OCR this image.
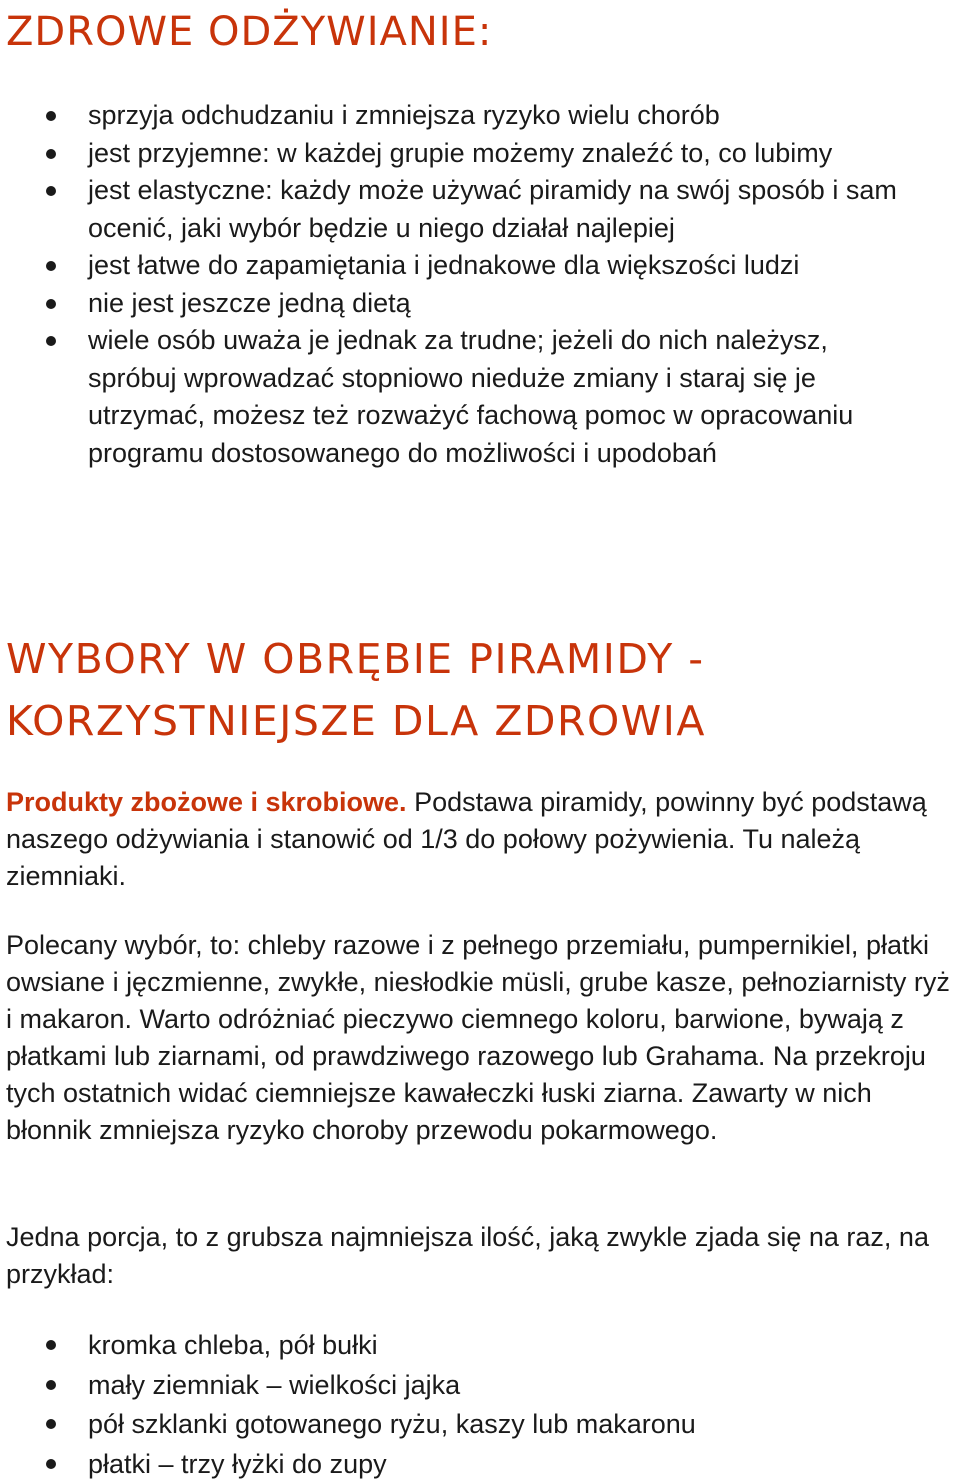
ZDROWE ODŻYWIANIE:
sprzyja odchudzaniu i zmniejsza ryzyko wielu chorób
jest przyjemne: w każdej grupie możemy znaleźć to, co lubimy
jest elastyczne: każdy może używać piramidy na swój sposób i sam ocenić, jaki wybór będzie u niego działał najlepiej
jest łatwe do zapamiętania i jednakowe dla większości ludzi
nie jest jeszcze jedną dietą
wiele osób uważa je jednak za trudne; jeżeli do nich należysz, spróbuj wprowadzać stopniowo nieduże zmiany i staraj się je utrzymać, możesz też rozważyć fachową pomoc w opracowaniu programu dostosowanego do możliwości i upodobań
WYBORY W OBRĘBIE PIRAMIDY -
KORZYSTNIEJSZE DLA ZDROWIA

Produkty zbożowe i skrobiowe. Podstawa piramidy, powinny być podstawą naszego odżywiania i stanowić od 1/3 do połowy pożywienia. Tu należą ziemniaki.

Polecany wybór, to: chleby razowe i z pełnego przemiału, pumpernikiel, płatki owsiane i jęczmienne, zwykłe, niesłodkie müsli, grube kasze, pełnoziarnisty ryż i makaron. Warto odróżniać pieczywo ciemnego koloru, barwione, bywają z płatkami lub ziarnami, od prawdziwego razowego lub Grahama. Na przekroju tych ostatnich widać ciemniejsze kawałeczki łuski ziarna. Zawarty w nich błonnik zmniejsza ryzyko choroby przewodu pokarmowego.

Jedna porcja, to z grubsza najmniejsza ilość, jaką zwykle zjada się na raz, na przykład:

kromka chleba, pół bułki
mały ziemniak – wielkości jajka
pół szklanki gotowanego ryżu, kaszy lub makaronu
płatki – trzy łyżki do zupy
